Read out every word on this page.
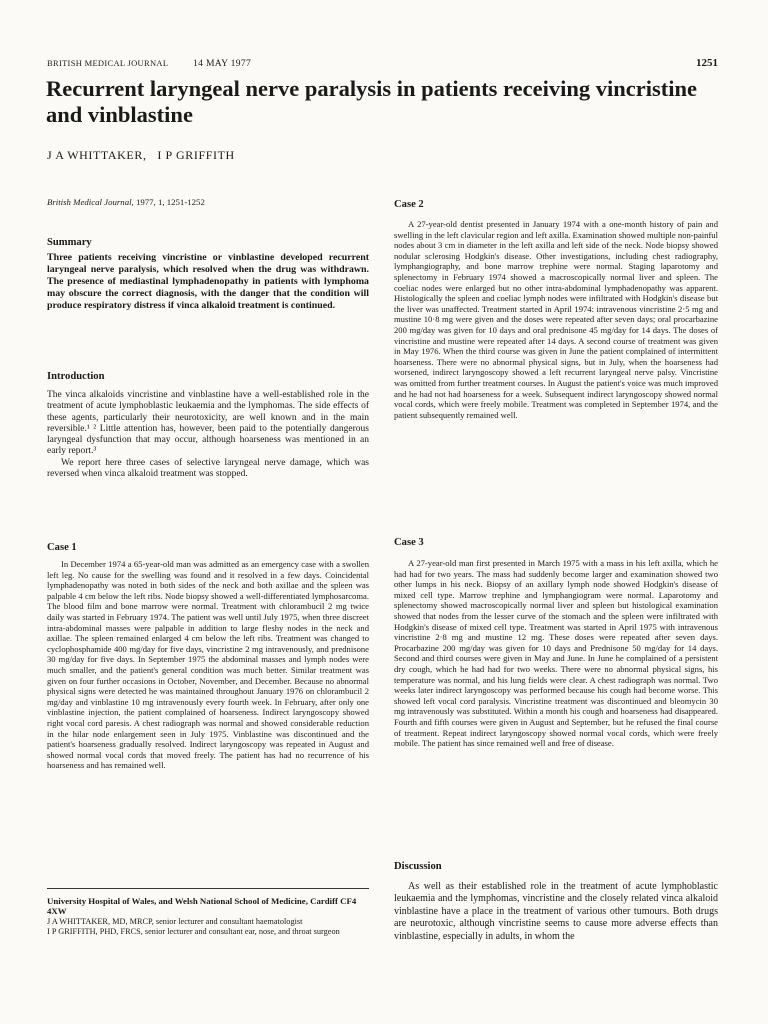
BRITISH MEDICAL JOURNAL	14 MAY 1977	1251
Recurrent laryngeal nerve paralysis in patients receiving vincristine and vinblastine
J A WHITTAKER,   I P GRIFFITH
British Medical Journal, 1977, 1, 1251-1252
Summary

Three patients receiving vincristine or vinblastine developed recurrent laryngeal nerve paralysis, which resolved when the drug was withdrawn. The presence of mediastinal lymphadenopathy in patients with lymphoma may obscure the correct diagnosis, with the danger that the condition will produce respiratory distress if vinca alkaloid treatment is continued.

Introduction

The vinca alkaloids vincristine and vinblastine have a well-established role in the treatment of acute lymphoblastic leukaemia and the lymphomas. The side effects of these agents, particularly their neurotoxicity, are well known and in the main reversible.¹ ² Little attention has, however, been paid to the potentially dangerous laryngeal dysfunction that may occur, although hoarseness was mentioned in an early report.³

We report here three cases of selective laryngeal nerve damage, which was reversed when vinca alkaloid treatment was stopped.

Case 1

In December 1974 a 65-year-old man was admitted as an emergency case with a swollen left leg. No cause for the swelling was found and it resolved in a few days. Coincidental lymphadenopathy was noted in both sides of the neck and both axillae and the spleen was palpable 4 cm below the left ribs. Node biopsy showed a well-differentiated lymphosarcoma. The blood film and bone marrow were normal. Treatment with chlorambucil 2 mg twice daily was started in February 1974. The patient was well until July 1975, when three discreet intra-abdominal masses were palpable in addition to large fleshy nodes in the neck and axillae. The spleen remained enlarged 4 cm below the left ribs. Treatment was changed to cyclophosphamide 400 mg/day for five days, vincristine 2 mg intravenously, and prednisone 30 mg/day for five days. In September 1975 the abdominal masses and lymph nodes were much smaller, and the patient's general condition was much better. Similar treatment was given on four further occasions in October, November, and December. Because no abnormal physical signs were detected he was maintained throughout January 1976 on chlorambucil 2 mg/day and vinblastine 10 mg intravenously every fourth week. In February, after only one vinblastine injection, the patient complained of hoarseness. Indirect laryngoscopy showed right vocal cord paresis. A chest radiograph was normal and showed considerable reduction in the hilar node enlargement seen in July 1975. Vinblastine was discontinued and the patient's hoarseness gradually resolved. Indirect laryngoscopy was repeated in August and showed normal vocal cords that moved freely. The patient has had no recurrence of his hoarseness and has remained well.

University Hospital of Wales, and Welsh National School of Medicine, Cardiff CF4 4XW

J A WHITTAKER, MD, MRCP, senior lecturer and consultant haematologist

I P GRIFFITH, PHD, FRCS, senior lecturer and consultant ear, nose, and throat surgeon

Case 2

A 27-year-old dentist presented in January 1974 with a one-month history of pain and swelling in the left clavicular region and left axilla. Examination showed multiple non-painful nodes about 3 cm in diameter in the left axilla and left side of the neck. Node biopsy showed nodular sclerosing Hodgkin's disease. Other investigations, including chest radiography, lymphangiography, and bone marrow trephine were normal. Staging laparotomy and splenectomy in February 1974 showed a macroscopically normal liver and spleen. The coeliac nodes were enlarged but no other intra-abdominal lymphadenopathy was apparent. Histologically the spleen and coeliac lymph nodes were infiltrated with Hodgkin's disease but the liver was unaffected. Treatment started in April 1974: intravenous vincristine 2·5 mg and mustine 10·8 mg were given and the doses were repeated after seven days; oral procarbazine 200 mg/day was given for 10 days and oral prednisone 45 mg/day for 14 days. The doses of vincristine and mustine were repeated after 14 days. A second course of treatment was given in May 1976. When the third course was given in June the patient complained of intermittent hoarseness. There were no abnormal physical signs, but in July, when the hoarseness had worsened, indirect laryngoscopy showed a left recurrent laryngeal nerve palsy. Vincristine was omitted from further treatment courses. In August the patient's voice was much improved and he had not had hoarseness for a week. Subsequent indirect laryngoscopy showed normal vocal cords, which were freely mobile. Treatment was completed in September 1974, and the patient subsequently remained well.

Case 3

A 27-year-old man first presented in March 1975 with a mass in his left axilla, which he had had for two years. The mass had suddenly become larger and examination showed two other lumps in his neck. Biopsy of an axillary lymph node showed Hodgkin's disease of mixed cell type. Marrow trephine and lymphangiogram were normal. Laparotomy and splenectomy showed macroscopically normal liver and spleen but histological examination showed that nodes from the lesser curve of the stomach and the spleen were infiltrated with Hodgkin's disease of mixed cell type. Treatment was started in April 1975 with intravenous vincristine 2·8 mg and mustine 12 mg. These doses were repeated after seven days. Procarbazine 200 mg/day was given for 10 days and Prednisone 50 mg/day for 14 days. Second and third courses were given in May and June. In June he complained of a persistent dry cough, which he had had for two weeks. There were no abnormal physical signs, his temperature was normal, and his lung fields were clear. A chest radiograph was normal. Two weeks later indirect laryngoscopy was performed because his cough had become worse. This showed left vocal cord paralysis. Vincristine treatment was discontinued and bleomycin 30 mg intravenously was substituted. Within a month his cough and hoarseness had disappeared. Fourth and fifth courses were given in August and September, but he refused the final course of treatment. Repeat indirect laryngoscopy showed normal vocal cords, which were freely mobile. The patient has since remained well and free of disease.

Discussion

As well as their established role in the treatment of acute lymphoblastic leukaemia and the lymphomas, vincristine and the closely related vinca alkaloid vinblastine have a place in the treatment of various other tumours. Both drugs are neurotoxic, although vincristine seems to cause more adverse effects than vinblastine, especially in adults, in whom the
